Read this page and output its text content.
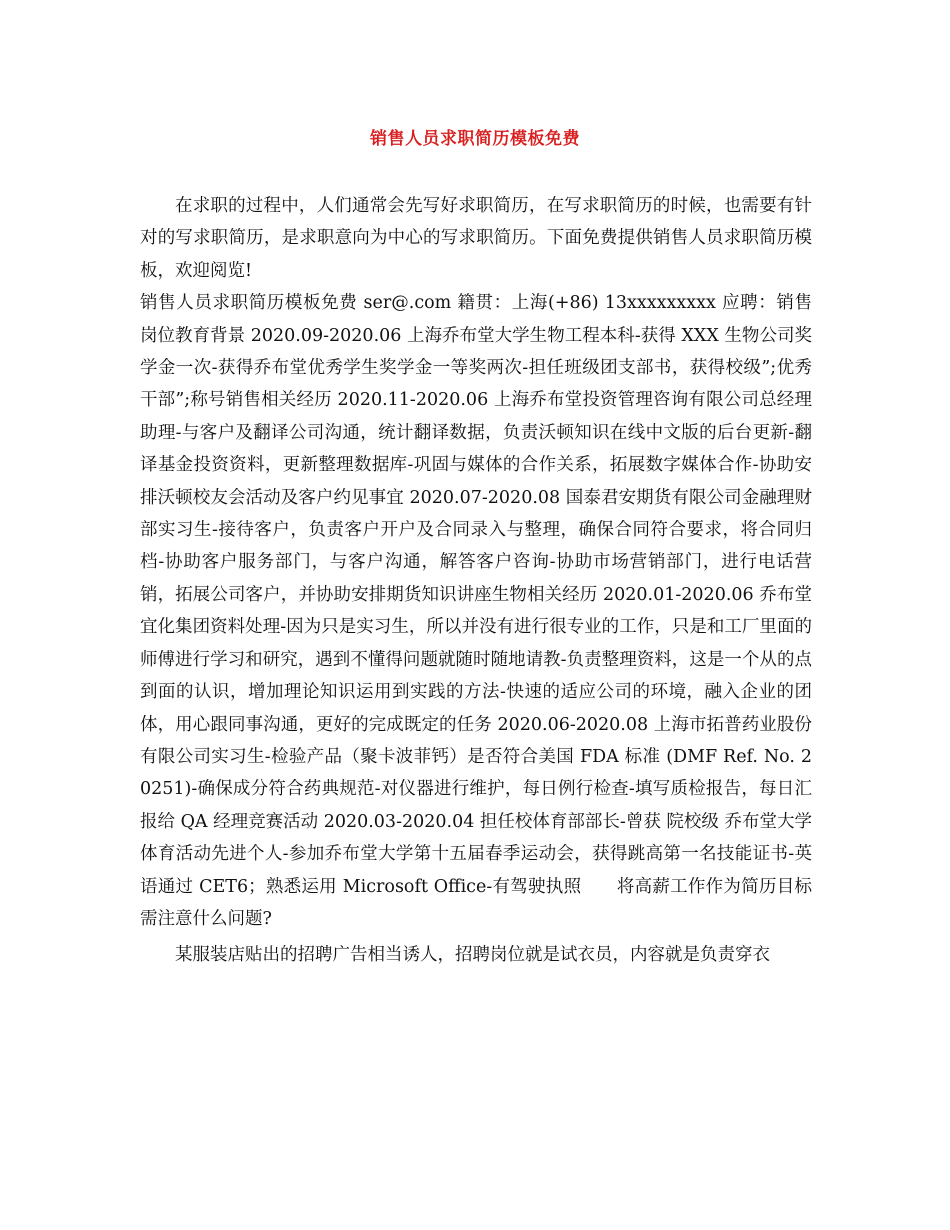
销售人员求职简历模板免费

在求职的过程中，人们通常会先写好求职简历，在写求职简历的时候，也需要有针对的写求职简历，是求职意向为中心的写求职简历。下面免费提供销售人员求职简历模板，欢迎阅览!

销售人员求职简历模板免费 ser@.com 籍贯：上海(+86) 13xxxxxxxxx 应聘：销售岗位教育背景 2020.09-2020.06 上海乔布堂大学生物工程本科-获得 XXX 生物公司奖学金一次-获得乔布堂优秀学生奖学金一等奖两次-担任班级团支部书，获得校级”;优秀干部”;称号销售相关经历 2020.11-2020.06 上海乔布堂投资管理咨询有限公司总经理助理-与客户及翻译公司沟通，统计翻译数据，负责沃顿知识在线中文版的后台更新-翻译基金投资资料，更新整理数据库-巩固与媒体的合作关系，拓展数字媒体合作-协助安排沃顿校友会活动及客户约见事宜 2020.07-2020.08 国泰君安期货有限公司金融理财部实习生-接待客户，负责客户开户及合同录入与整理，确保合同符合要求，将合同归档-协助客户服务部门，与客户沟通，解答客户咨询-协助市场营销部门，进行电话营销，拓展公司客户，并协助安排期货知识讲座生物相关经历 2020.01-2020.06 乔布堂宜化集团资料处理-因为只是实习生，所以并没有进行很专业的工作，只是和工厂里面的师傅进行学习和研究，遇到不懂得问题就随时随地请教-负责整理资料，这是一个从的点到面的认识，增加理论知识运用到实践的方法-快速的适应公司的环境，融入企业的团体，用心跟同事沟通，更好的完成既定的任务 2020.06-2020.08 上海市拓普药业股份有限公司实习生-检验产品（聚卡波菲钙）是否符合美国 FDA 标准 (DMF Ref. No. 20251)-确保成分符合药典规范-对仪器进行维护，每日例行检查-填写质检报告，每日汇报给 QA 经理竞赛活动 2020.03-2020.04 担任校体育部部长-曾获 院校级 乔布堂大学体育活动先进个人-参加乔布堂大学第十五届春季运动会，获得跳高第一名技能证书-英语通过 CET6；熟悉运用 Microsoft Office-有驾驶执照　　将高薪工作作为简历目标需注意什么问题?

某服装店贴出的招聘广告相当诱人，招聘岗位就是试衣员，内容就是负责穿衣
